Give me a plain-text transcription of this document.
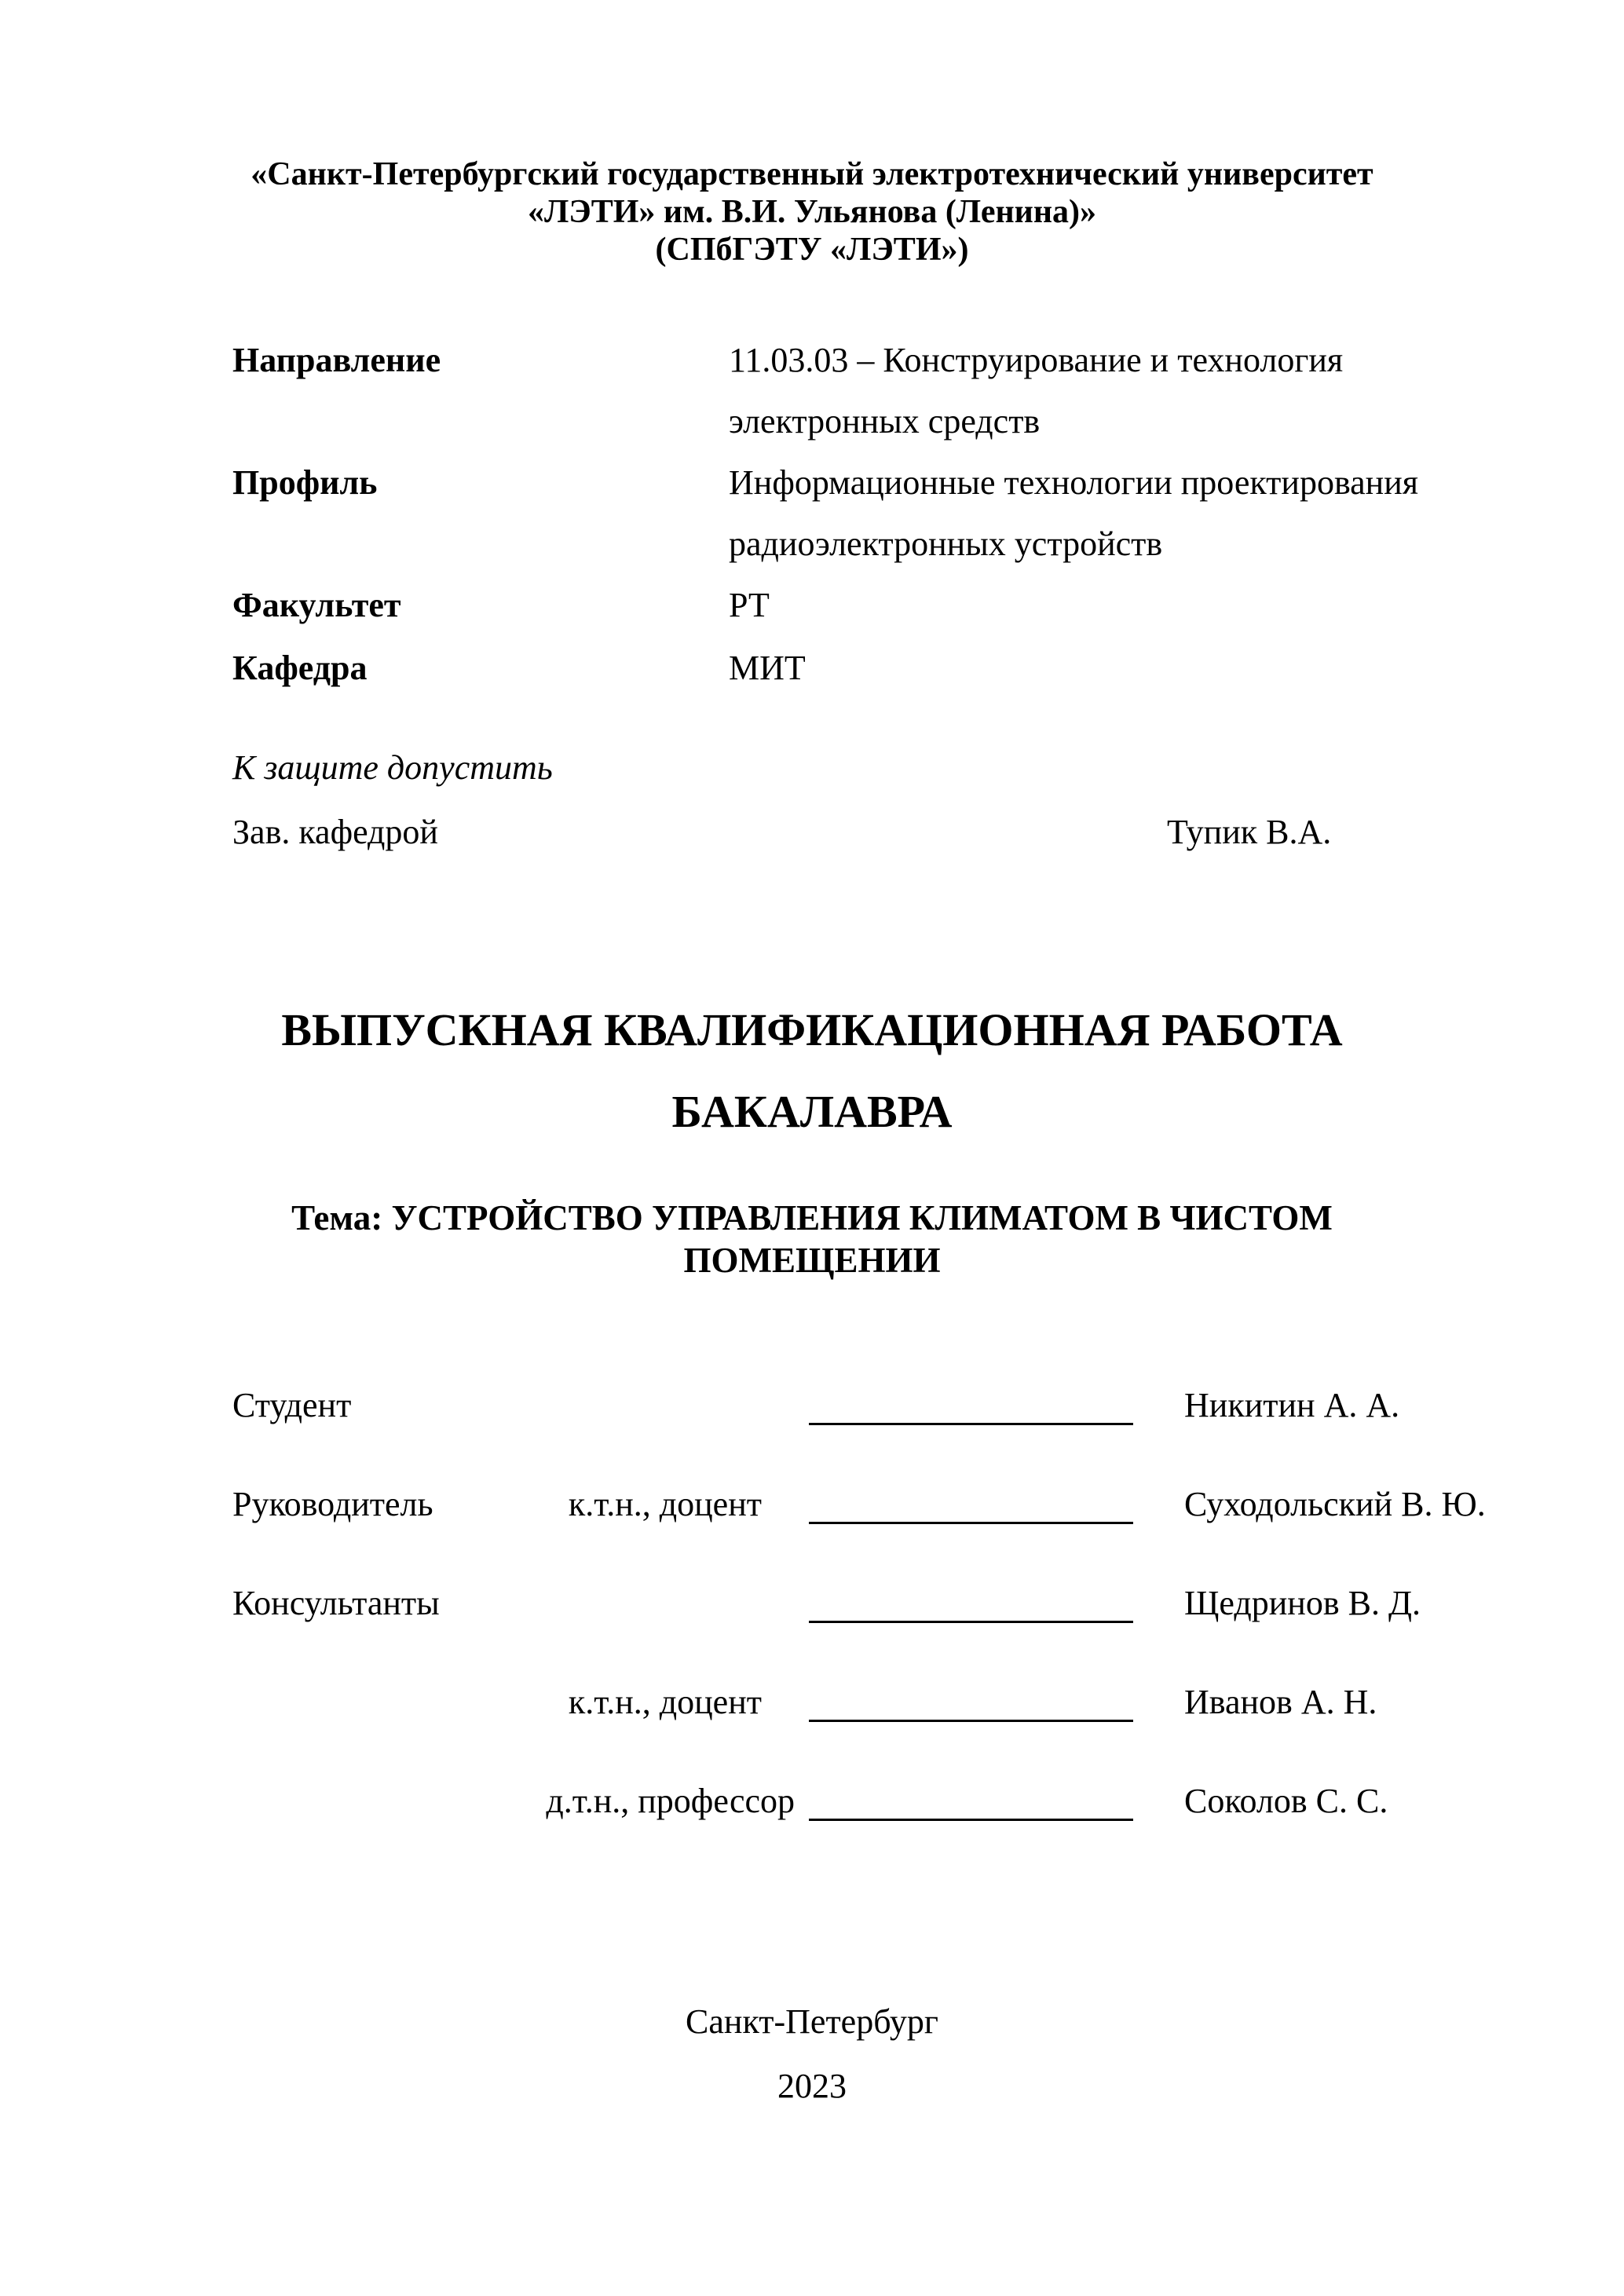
«Санкт-Петербургский государственный электротехнический университет
«ЛЭТИ» им. В.И. Ульянова (Ленина)»
(СПбГЭТУ «ЛЭТИ»)
Направление	11.03.03 – Конструирование и технология
электронных средств
Профиль	Информационные технологии проектирования
радиоэлектронных устройств
Факультет	РТ
Кафедра	МИТ
К защите допустить
Зав. кафедрой	Тупик В.А.
ВЫПУСКНАЯ КВАЛИФИКАЦИОННАЯ РАБОТА
БАКАЛАВРА
Тема: УСТРОЙСТВО УПРАВЛЕНИЯ КЛИМАТОМ В ЧИСТОМ
ПОМЕЩЕНИИ
Студент	Никитин А. А.
Руководитель	к.т.н., доцент	Суходольский В. Ю.
Консультанты	Щедринов В. Д.
к.т.н., доцент	Иванов А. Н.
д.т.н., профессор	Соколов С. С.
Санкт-Петербург
2023
